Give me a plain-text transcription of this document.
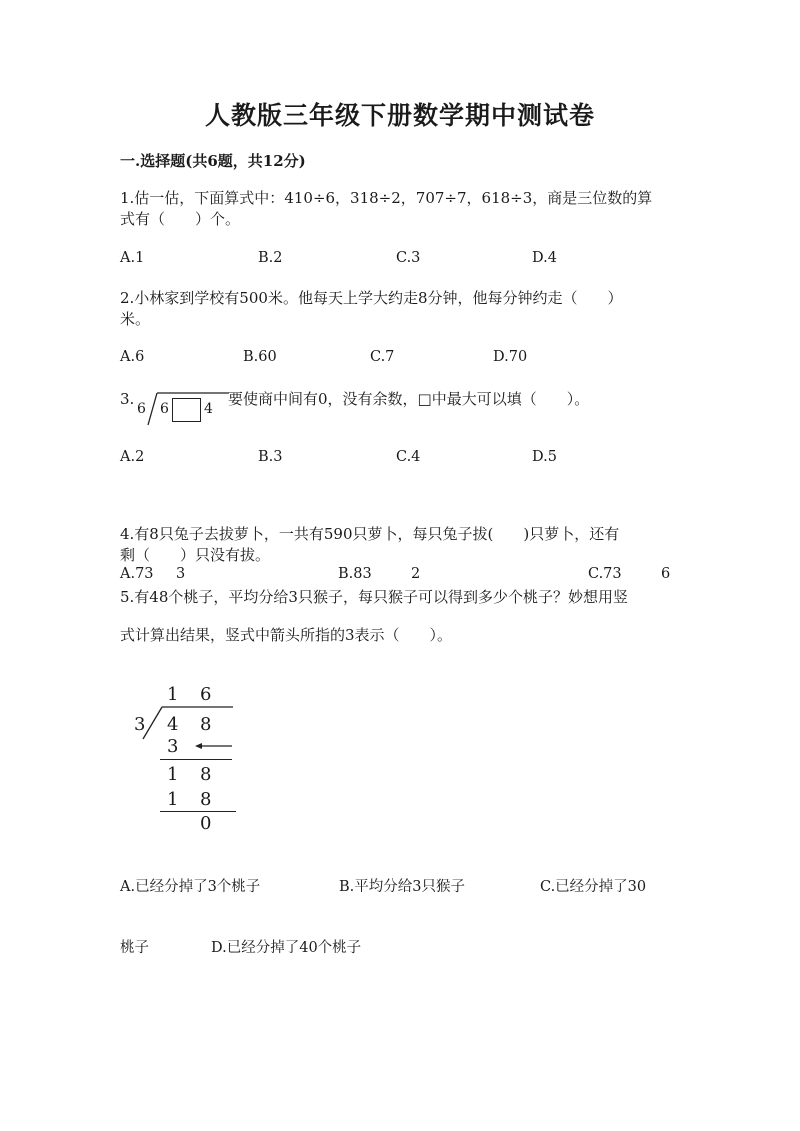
人教版三年级下册数学期中测试卷
一.选择题(共6题，共12分)
1.估一估，下面算式中：410÷6，318÷2，707÷7，618÷3，商是三位数的算
式有（　　）个。
A.1	B.2	C.3	D.4
2.小林家到学校有500米。他每天上学大约走8分钟，他每分钟约走（　　）
米。
A.6	B.60	C.7	D.70
3.
6 6	4
要使商中间有0，没有余数，□中最大可以填（　　）。
A.2	B.3	C.4	D.5
4.有8只兔子去拔萝卜，一共有590只萝卜，每只兔子拔(　　)只萝卜，还有
剩（　　）只没有拔。
A.73 3	B.83	2	C.73	6
5.有48个桃子，平均分给3只猴子，每只猴子可以得到多少个桃子？妙想用竖
式计算出结果，竖式中箭头所指的3表示（　　）。
1 6
3 4 8
3
1 8
1 8
0
A.已经分掉了3个桃子	B.平均分给3只猴子	C.已经分掉了30
桃子	D.已经分掉了40个桃子
